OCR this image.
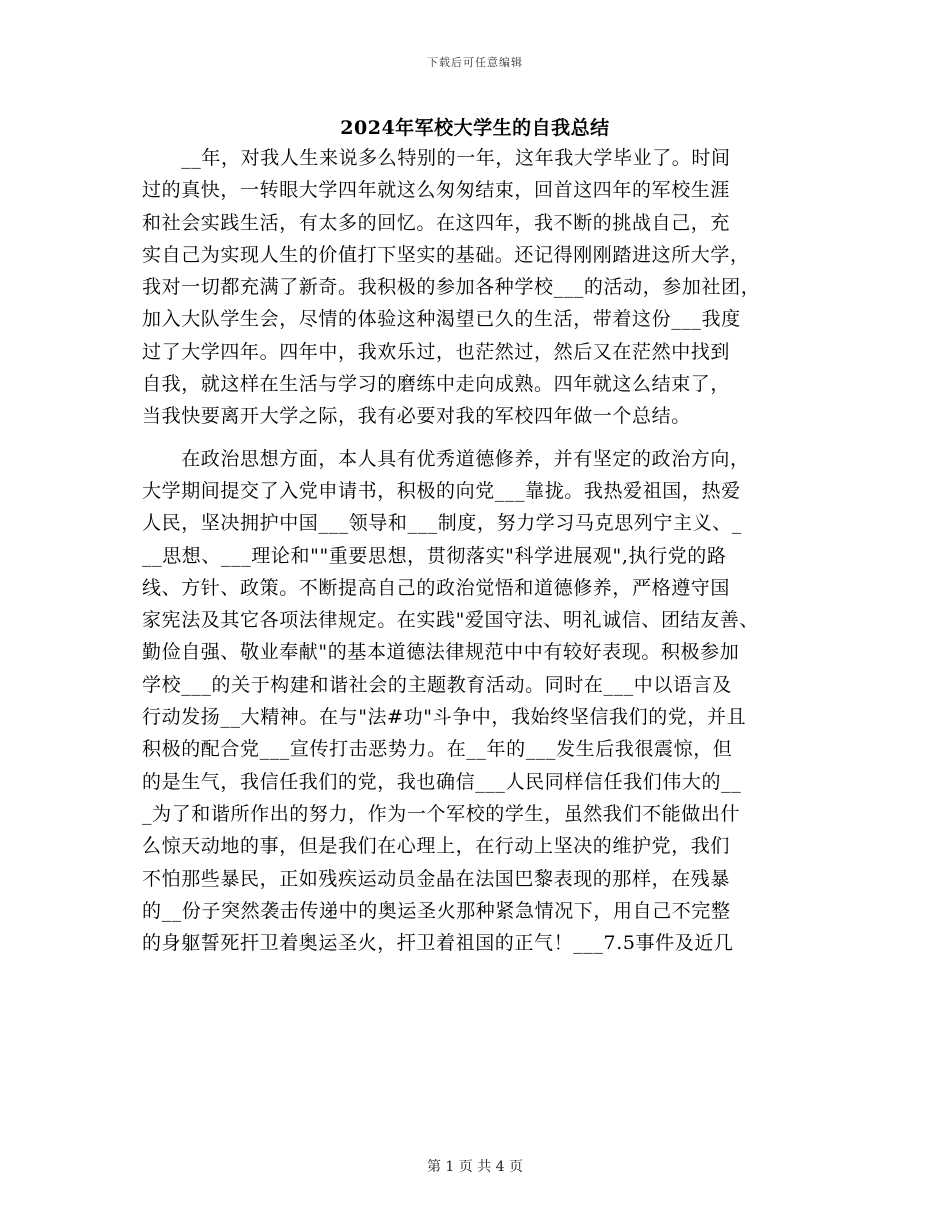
下载后可任意编辑
2024年军校大学生的自我总结
　　__年，对我人生来说多么特别的一年，这年我大学毕业了。时间
过的真快，一转眼大学四年就这么匆匆结束，回首这四年的军校生涯
和社会实践生活，有太多的回忆。在这四年，我不断的挑战自己，充
实自己为实现人生的价值打下坚实的基础。还记得刚刚踏进这所大学，
我对一切都充满了新奇。我积极的参加各种学校___的活动，参加社团，
加入大队学生会，尽情的体验这种渴望已久的生活，带着这份___我度
过了大学四年。四年中，我欢乐过，也茫然过，然后又在茫然中找到
自我，就这样在生活与学习的磨练中走向成熟。四年就这么结束了，
当我快要离开大学之际，我有必要对我的军校四年做一个总结。
　　在政治思想方面，本人具有优秀道德修养，并有坚定的政治方向，
大学期间提交了入党申请书，积极的向党___靠拢。我热爱祖国，热爱
人民，坚决拥护中国___领导和___制度，努力学习马克思列宁主义、_
__思想、___理论和""重要思想，贯彻落实"科学进展观",执行党的路
线、方针、政策。不断提高自己的政治觉悟和道德修养，严格遵守国
家宪法及其它各项法律规定。在实践"爱国守法、明礼诚信、团结友善、
勤俭自强、敬业奉献"的基本道德法律规范中中有较好表现。积极参加
学校___的关于构建和谐社会的主题教育活动。同时在___中以语言及
行动发扬__大精神。在与"法#功"斗争中，我始终坚信我们的党，并且
积极的配合党___宣传打击恶势力。在__年的___发生后我很震惊，但
的是生气，我信任我们的党，我也确信___人民同样信任我们伟大的__
_为了和谐所作出的努力，作为一个军校的学生，虽然我们不能做出什
么惊天动地的事，但是我们在心理上，在行动上坚决的维护党，我们
不怕那些暴民，正如残疾运动员金晶在法国巴黎表现的那样，在残暴
的__份子突然袭击传递中的奥运圣火那种紧急情况下，用自己不完整
的身躯誓死扞卫着奥运圣火，扞卫着祖国的正气！___7.5事件及近几
第 1 页 共 4 页
